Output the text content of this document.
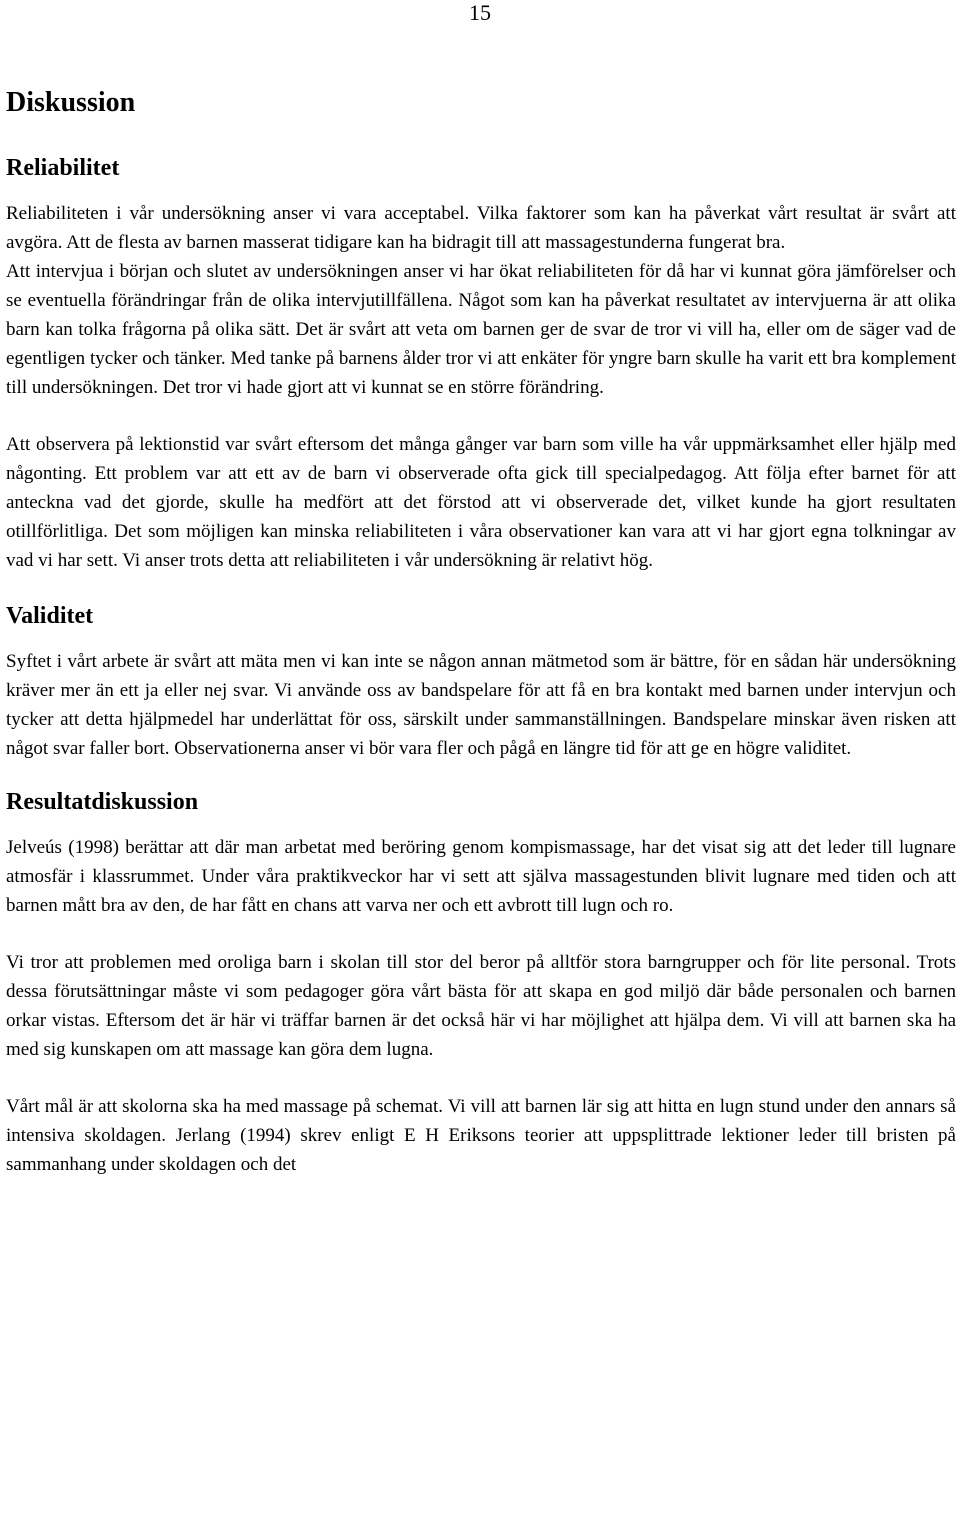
15
Diskussion
Reliabilitet

Reliabiliteten i vår undersökning anser vi vara acceptabel. Vilka faktorer som kan ha påverkat vårt resultat är svårt att avgöra. Att de flesta av barnen masserat tidigare kan ha bidragit till att massagestunderna fungerat bra.

Att intervjua i början och slutet av undersökningen anser vi har ökat reliabiliteten för då har vi kunnat göra jämförelser och se eventuella förändringar från de olika intervjutillfällena. Något som kan ha påverkat resultatet av intervjuerna är att olika barn kan tolka frågorna på olika sätt. Det är svårt att veta om barnen ger de svar de tror vi vill ha, eller om de säger vad de egentligen tycker och tänker. Med tanke på barnens ålder tror vi att enkäter för yngre barn skulle ha varit ett bra komplement till undersökningen. Det tror vi hade gjort att vi kunnat se en större förändring.

Att observera på lektionstid var svårt eftersom det många gånger var barn som ville ha vår uppmärksamhet eller hjälp med någonting. Ett problem var att ett av de barn vi observerade ofta gick till specialpedagog. Att följa efter barnet för att anteckna vad det gjorde, skulle ha medfört att det förstod att vi observerade det, vilket kunde ha gjort resultaten otillförlitliga. Det som möjligen kan minska reliabiliteten i våra observationer kan vara att vi har gjort egna tolkningar av vad vi har sett. Vi anser trots detta att reliabiliteten i vår undersökning är relativt hög.

Validitet

Syftet i vårt arbete är svårt att mäta men vi kan inte se någon annan mätmetod som är bättre, för en sådan här undersökning kräver mer än ett ja eller nej svar. Vi använde oss av bandspelare för att få en bra kontakt med barnen under intervjun och tycker att detta hjälpmedel har underlättat för oss, särskilt under sammanställningen. Bandspelare minskar även risken att något svar faller bort. Observationerna anser vi bör vara fler och pågå en längre tid för att ge en högre validitet.

Resultatdiskussion

Jelveús (1998) berättar att där man arbetat med beröring genom kompismassage, har det visat sig att det leder till lugnare atmosfär i klassrummet. Under våra praktikveckor har vi sett att själva massagestunden blivit lugnare med tiden och att barnen mått bra av den, de har fått en chans att varva ner och ett avbrott till lugn och ro.

Vi tror att problemen med oroliga barn i skolan till stor del beror på alltför stora barngrupper och för lite personal. Trots dessa förutsättningar måste vi som pedagoger göra vårt bästa för att skapa en god miljö där både personalen och barnen orkar vistas. Eftersom det är här vi träffar barnen är det också här vi har möjlighet att hjälpa dem. Vi vill att barnen ska ha med sig kunskapen om att massage kan göra dem lugna.

Vårt mål är att skolorna ska ha med massage på schemat. Vi vill att barnen lär sig att hitta en lugn stund under den annars så intensiva skoldagen. Jerlang (1994) skrev enligt E H Eriksons teorier att uppsplittrade lektioner leder till bristen på sammanhang under skoldagen och det
